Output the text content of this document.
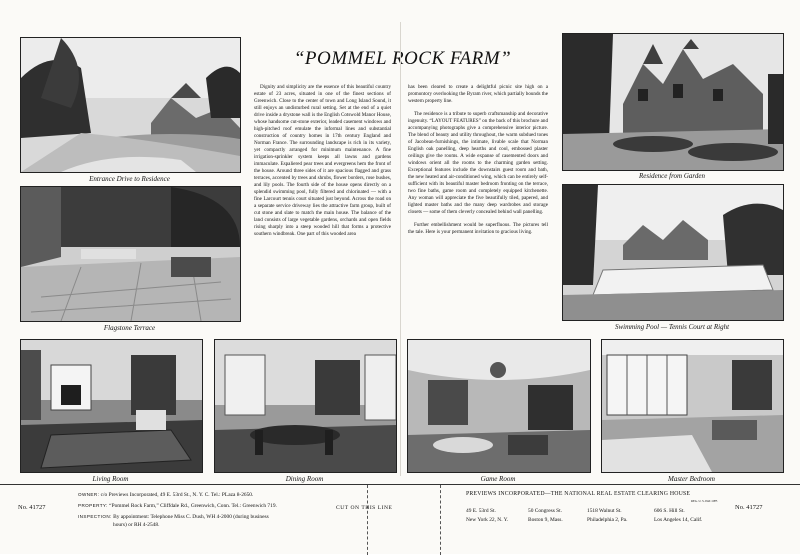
Entrance Drive to Residence
Flagstone Terrace
“POMMEL ROCK FARM”

Dignity and simplicity are the essence of this beautiful country estate of 23 acres, situated in one of the finest sections of Greenwich. Close to the center of town and Long Island Sound, it still enjoys an undisturbed rural setting. Set at the end of a quiet drive inside a drystone wall is the English Cotswold Manor House, whose handsome cut-stone exterior, leaded casement windows and high-pitched roof emulate the informal lines and substantial construction of country homes in 17th century England and Norman France. The surrounding landscape is rich in its variety, yet compactly arranged for minimum maintenance. A fine irrigation-sprinkler system keeps all lawns and gardens immaculate. Espaliered pear trees and evergreens hem the front of the house. Around three sides of it are spacious flagged and grass terraces, accented by trees and shrubs, flower borders, rose bushes, and lily pools. The fourth side of the house opens directly on a splendid swimming pool, fully filtered and chlorinated — with a fine Larcourt tennis court situated just beyond. Across the road on a separate service driveway lies the attractive farm group, built of cut stone and slate to match the main house. The balance of the land consists of large vegetable gardens, orchards and open fields rising sharply into a steep wooded hill that forms a protective southern windbreak. One part of this wooded area

has been cleared to create a delightful picnic site high on a promontory overlooking the Byram river, which partially bounds the western property line.

The residence is a tribute to superb craftsmanship and decorative ingenuity. “LAYOUT FEATURES” on the back of this brochure and accompanying photographs give a comprehensive interior picture. The blend of beauty and utility throughout, the warm subdued tones of Jacobean-furnishings, the intimate, livable scale that Norman English oak panelling, deep hearths and cool, embossed plaster ceilings give the rooms. A wide expanse of casemented doors and windows orient all the rooms to the charming garden setting. Exceptional features include the downstairs guest room and bath, the new heated and air-conditioned wing, which can be entirely self-sufficient with its beautiful master bedroom fronting on the terrace, two fine baths, game room and completely equipped kitchenette. Any woman will appreciate the five beautifully tiled, papered, and lighted master baths and the many deep wardrobes and storage closets — some of them cleverly concealed behind wall panelling.

Further embellishment would be superfluous. The pictures tell the tale. Here is your permanent invitation to gracious living.

Residence from Garden
Swimming Pool — Tennis Court at Right
Living Room	Dining Room	Game Room	Master Bedroom
No. 41727
OWNER: c/o Previews Incorporated, 49 E. 53rd St., N. Y. C. Tel.: PLaza 8-2650.
PROPERTY: “Pommel Rock Farm,” Cliffdale Rd., Greenwich, Conn. Tel.: Greenwich 719.
INSPECTION: By appointment: Telephone Miss C. Dush, WH 4-2000 (during business
hours) or RH 4-2548.
CUT ON THIS LINE
PREVIEWS INCORPORATED—THE NATIONAL REAL ESTATE CLEARING HOUSE
REG. U. S. PAT. OFF.
49 E. 53rd St.
New York 22, N. Y.
50 Congress St.
Boston 9, Mass.
1518 Walnut St.
Philadelphia 2, Pa.
606 S. Hill St.
Los Angeles 14, Calif.
No. 41727
